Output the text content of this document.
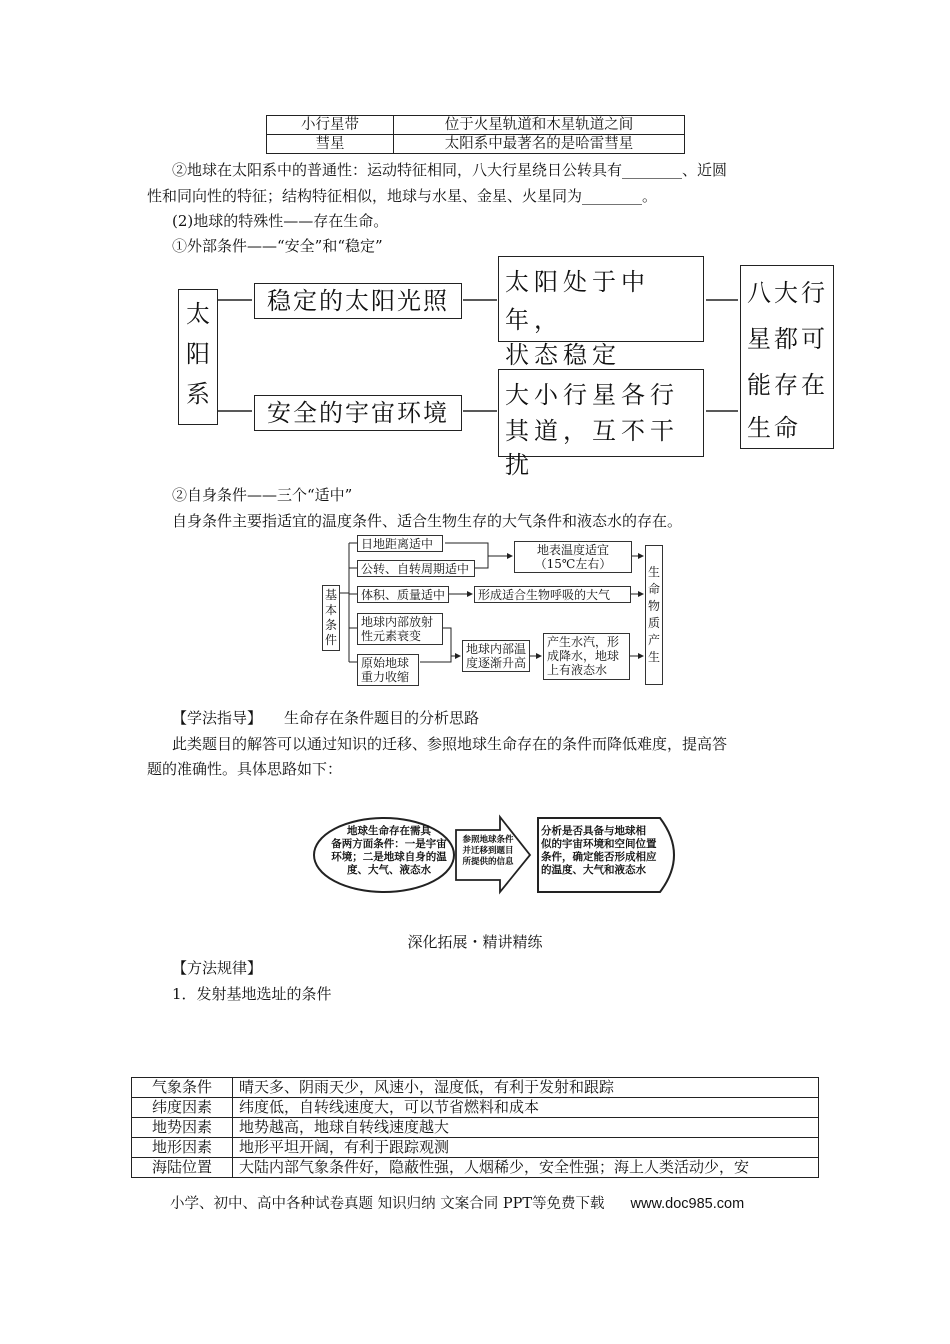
小行星带	位于火星轨道和木星轨道之间
彗星	太阳系中最著名的是哈雷彗星
②地球在太阳系中的普通性：运动特征相同，八大行星绕日公转具有________、近圆
性和同向性的特征；结构特征相似，地球与水星、金星、火星同为________。
(2)地球的特殊性——存在生命。
①外部条件——“安全”和“稳定”
太
阳
系
稳定的太阳光照
安全的宇宙环境
太阳处于中年，
状态稳定
大小行星各行
其道，互不干扰
八大行
星都可
能存在
生命
②自身条件——三个“适中”
自身条件主要指适宜的温度条件、适合生物生存的大气条件和液态水的存在。
基
本
条
件
日地距离适中
公转、自转周期适中
体积、质量适中
地球内部放射
性元素衰变
原始地球
重力收缩
地表温度适宜
（15℃左右）
形成适合生物呼吸的大气
地球内部温
度逐渐升高
产生水汽，形
成降水，地球
上有液态水
生
命
物
质
产
生
【学法指导】 生命存在条件题目的分析思路
此类题目的解答可以通过知识的迁移、参照地球生命存在的条件而降低难度，提高答
题的准确性。具体思路如下：
地球生命存在需具
备两方面条件：一是宇宙
环境；二是地球自身的温
度、大气、液态水
参照地球条件
并迁移到题目
所提供的信息
分析是否具备与地球相
似的宇宙环境和空间位置
条件，确定能否形成相应
的温度、大气和液态水
深化拓展・精讲精练
【方法规律】
1．发射基地选址的条件
气象条件	晴天多、阴雨天少，风速小，湿度低，有利于发射和跟踪
纬度因素	纬度低，自转线速度大，可以节省燃料和成本
地势因素	地势越高，地球自转线速度越大
地形因素	地形平坦开阔，有利于跟踪观测
海陆位置	大陆内部气象条件好，隐蔽性强，人烟稀少，安全性强；海上人类活动少，安
小学、初中、高中各种试卷真题 知识归纳 文案合同 PPT等免费下载 www.doc985.com
